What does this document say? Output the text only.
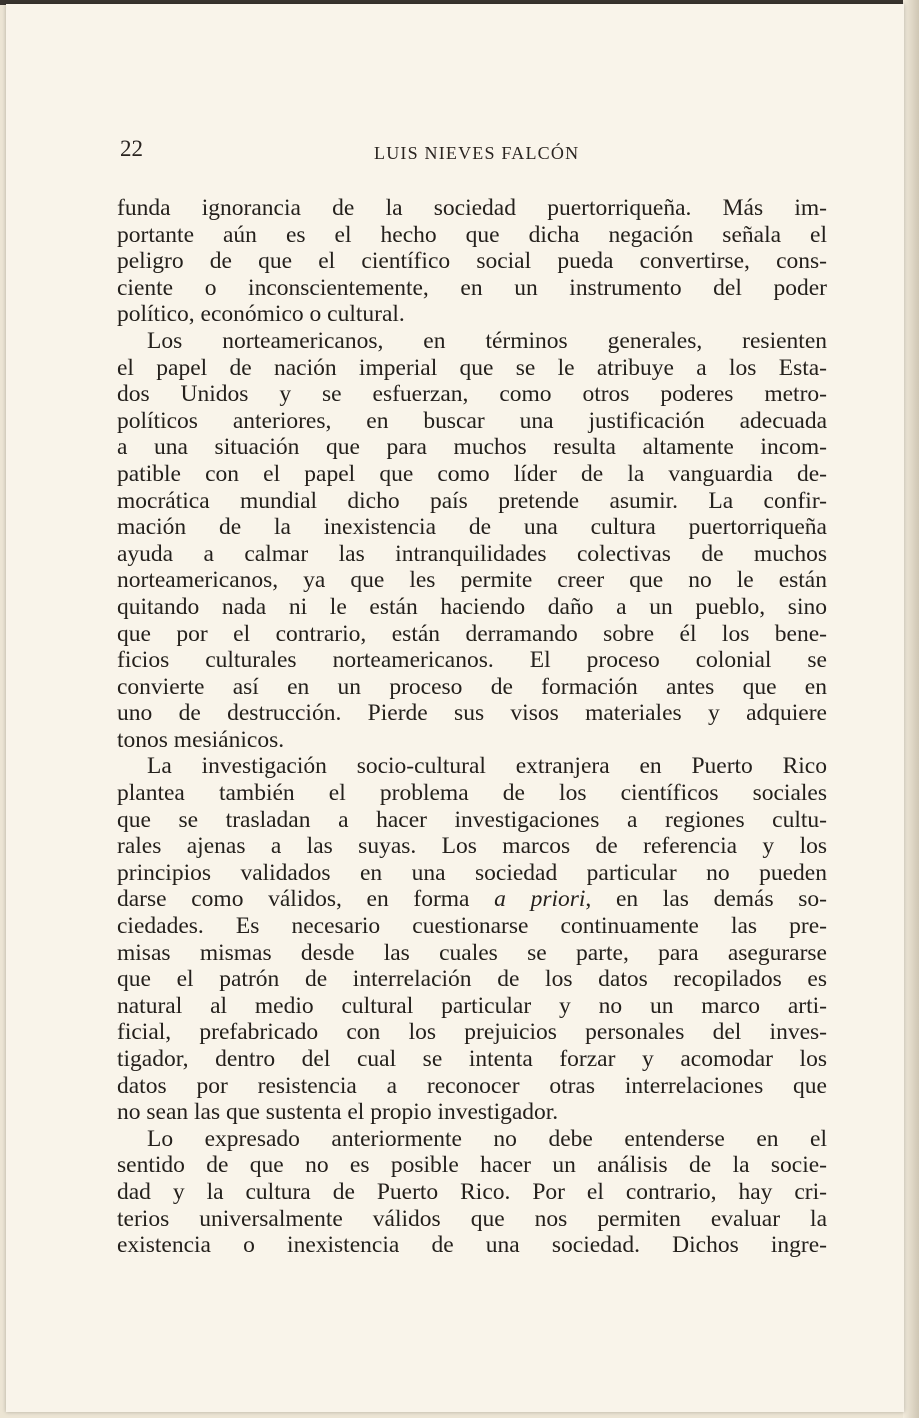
22	LUIS NIEVES FALCÓN
funda ignorancia de la sociedad puertorriqueña. Más im-
portante aún es el hecho que dicha negación señala el
peligro de que el científico social pueda convertirse, cons-
ciente o inconscientemente, en un instrumento del poder
político, económico o cultural.
Los norteamericanos, en términos generales, resienten
el papel de nación imperial que se le atribuye a los Esta-
dos Unidos y se esfuerzan, como otros poderes metro-
políticos anteriores, en buscar una justificación adecuada
a una situación que para muchos resulta altamente incom-
patible con el papel que como líder de la vanguardia de-
mocrática mundial dicho país pretende asumir. La confir-
mación de la inexistencia de una cultura puertorriqueña
ayuda a calmar las intranquilidades colectivas de muchos
norteamericanos, ya que les permite creer que no le están
quitando nada ni le están haciendo daño a un pueblo, sino
que por el contrario, están derramando sobre él los bene-
ficios culturales norteamericanos. El proceso colonial se
convierte así en un proceso de formación antes que en
uno de destrucción. Pierde sus visos materiales y adquiere
tonos mesiánicos.
La investigación socio-cultural extranjera en Puerto Rico
plantea también el problema de los científicos sociales
que se trasladan a hacer investigaciones a regiones cultu-
rales ajenas a las suyas. Los marcos de referencia y los
principios validados en una sociedad particular no pueden
darse como válidos, en forma a priori, en las demás so-
ciedades. Es necesario cuestionarse continuamente las pre-
misas mismas desde las cuales se parte, para asegurarse
que el patrón de interrelación de los datos recopilados es
natural al medio cultural particular y no un marco arti-
ficial, prefabricado con los prejuicios personales del inves-
tigador, dentro del cual se intenta forzar y acomodar los
datos por resistencia a reconocer otras interrelaciones que
no sean las que sustenta el propio investigador.
Lo expresado anteriormente no debe entenderse en el
sentido de que no es posible hacer un análisis de la socie-
dad y la cultura de Puerto Rico. Por el contrario, hay cri-
terios universalmente válidos que nos permiten evaluar la
existencia o inexistencia de una sociedad. Dichos ingre-
